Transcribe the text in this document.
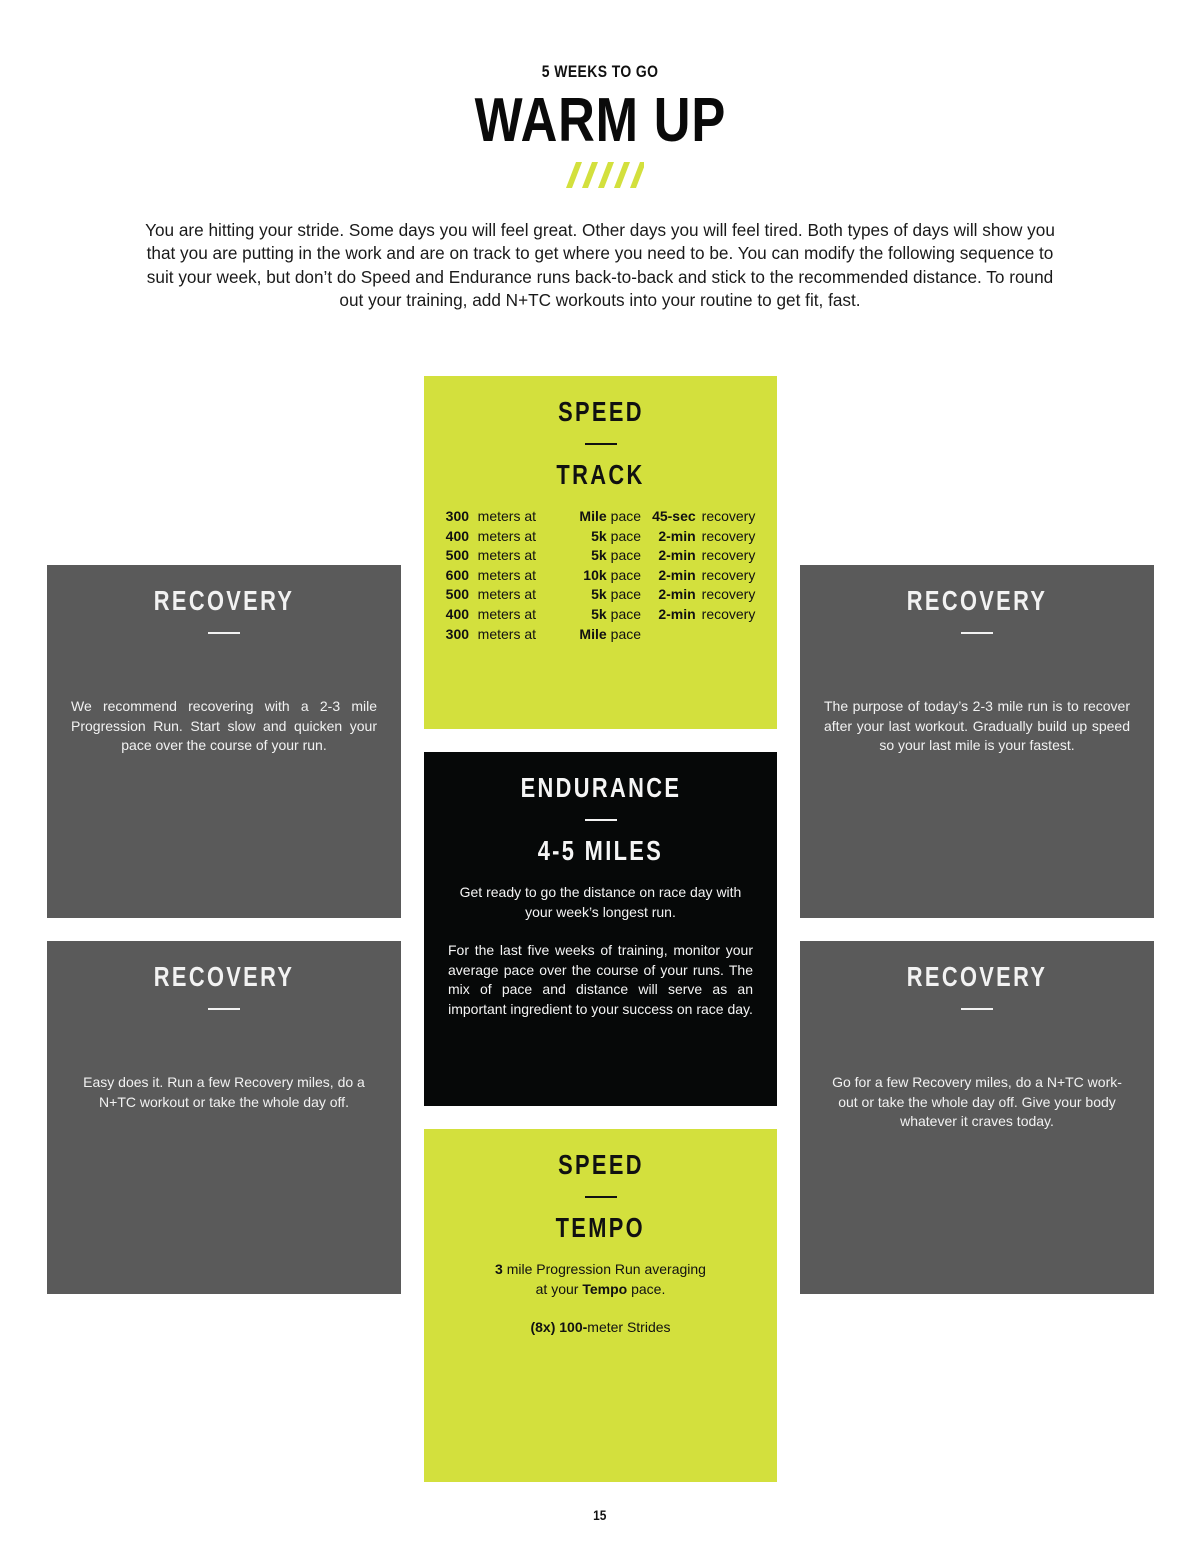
5 WEEKS TO GO
WARM UP
You are hitting your stride. Some days you will feel great. Other days you will feel tired. Both types of days will show you that you are putting in the work and are on track to get where you need to be. You can modify the following sequence to suit your week, but don’t do Speed and Endurance runs back-to-back and stick to the recommended distance. To round out your training, add N+TC workouts into your routine to get fit, fast.
SPEED
TRACK
300	meters at	Mile	pace	45-sec	recovery
400	meters at	5k	pace	2-min	recovery
500	meters at	5k	pace	2-min	recovery
600	meters at	10k	pace	2-min	recovery
500	meters at	5k	pace	2-min	recovery
400	meters at	5k	pace	2-min	recovery
300	meters at	Mile	pace		
RECOVERY
We recommend recovering with a 2-3 mile Progression Run. Start slow and quicken your pace over the course of your run.
RECOVERY
The purpose of today’s 2-3 mile run is to recover after your last workout. Gradually build up speed so your last mile is your fastest.
ENDURANCE
4-5 MILES
Get ready to go the distance on race day with your week’s longest run.
For the last five weeks of training, monitor your average pace over the course of your runs. The mix of pace and distance will serve as an important ingredient to your success on race day.
RECOVERY
Easy does it. Run a few Recovery miles, do a N+TC workout or take the whole day off.
RECOVERY
Go for a few Recovery miles, do a N+TC work-out or take the whole day off. Give your body whatever it craves today.
SPEED
TEMPO
3 mile Progression Run averaging
at your Tempo pace.
(8x) 100-meter Strides
15
